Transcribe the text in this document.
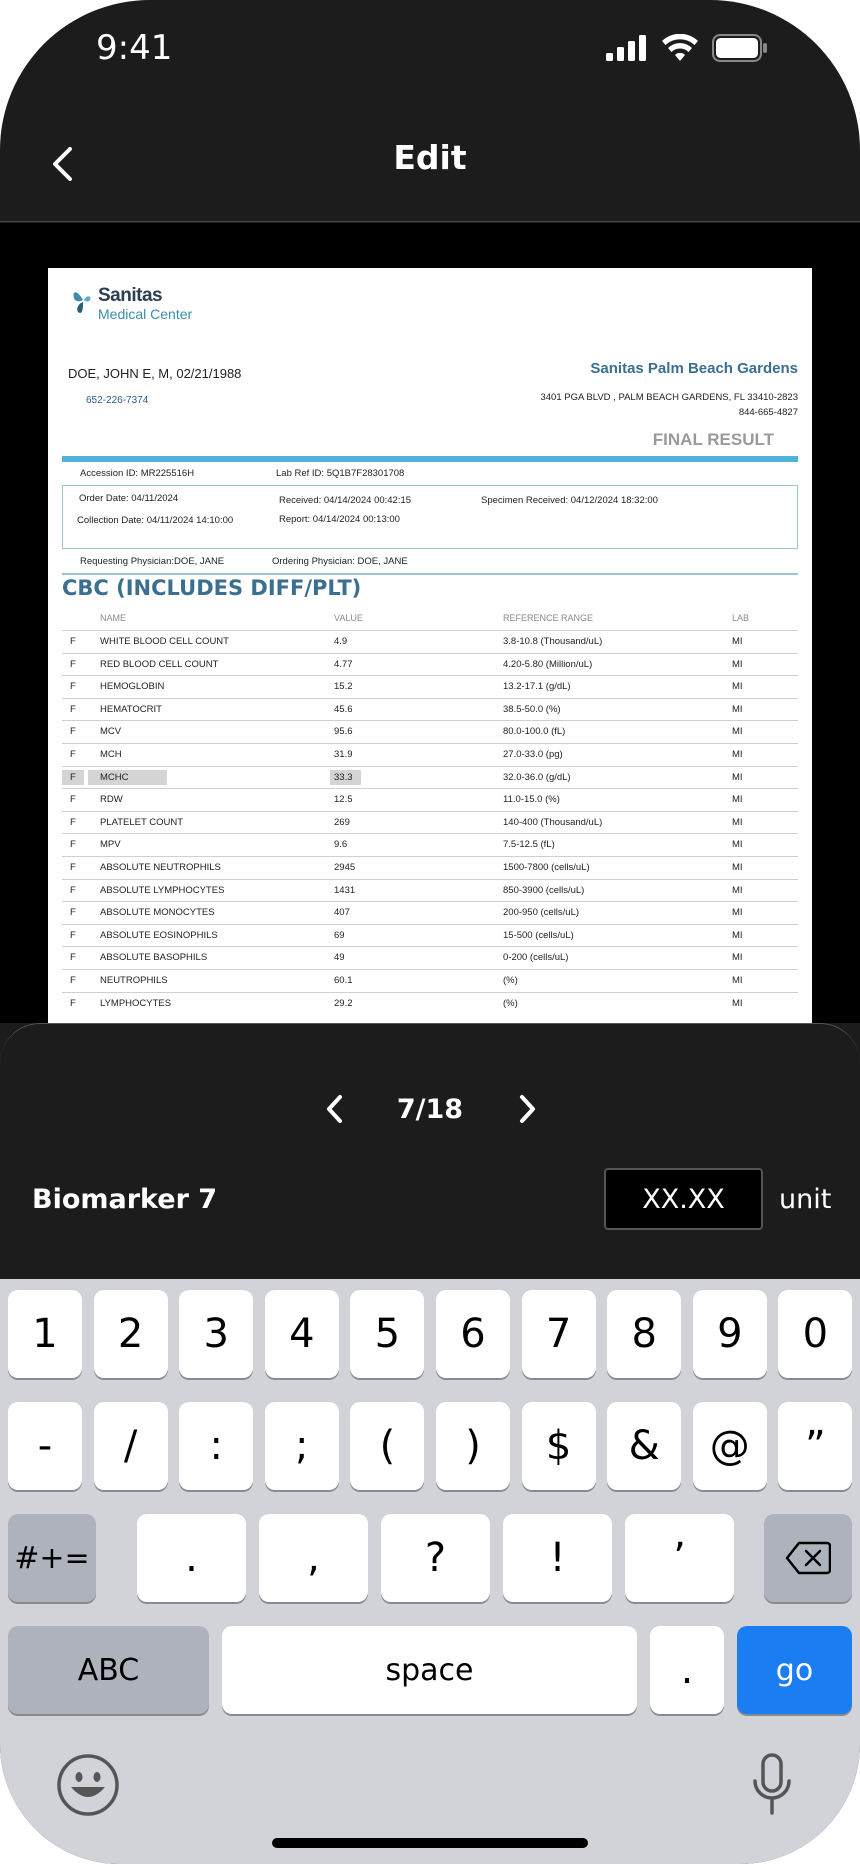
9:41
Edit
Sanitas
Medical Center
DOE, JOHN E, M, 02/21/1988
652-226-7374
Sanitas Palm Beach Gardens
3401 PGA BLVD , PALM BEACH GARDENS, FL 33410-2823
844-665-4827
FINAL RESULT
Accession ID: MR225516H	Lab Ref ID: 5Q1B7F28301708
Order Date: 04/11/2024	Received: 04/14/2024 00:42:15	Specimen Received: 04/12/2024 18:32:00
Collection Date: 04/11/2024 14:10:00	Report: 04/14/2024 00:13:00
Requesting Physician:DOE, JANE	Ordering Physician: DOE, JANE
CBC (INCLUDES DIFF/PLT)
NAME	VALUE	REFERENCE RANGE	LAB
F	WHITE BLOOD CELL COUNT	4.9	3.8-10.8 (Thousand/uL)	MI
F	RED BLOOD CELL COUNT	4.77	4.20-5.80 (Million/uL)	MI
F	HEMOGLOBIN	15.2	13.2-17.1 (g/dL)	MI
F	HEMATOCRIT	45.6	38.5-50.0 (%)	MI
F	MCV	95.6	80.0-100.0 (fL)	MI
F	MCH	31.9	27.0-33.0 (pg)	MI
F	MCHC	33.3	32.0-36.0 (g/dL)	MI
F	RDW	12.5	11.0-15.0 (%)	MI
F	PLATELET COUNT	269	140-400 (Thousand/uL)	MI
F	MPV	9.6	7.5-12.5 (fL)	MI
F	ABSOLUTE NEUTROPHILS	2945	1500-7800 (cells/uL)	MI
F	ABSOLUTE LYMPHOCYTES	1431	850-3900 (cells/uL)	MI
F	ABSOLUTE MONOCYTES	407	200-950 (cells/uL)	MI
F	ABSOLUTE EOSINOPHILS	69	15-500 (cells/uL)	MI
F	ABSOLUTE BASOPHILS	49	0-200 (cells/uL)	MI
F	NEUTROPHILS	60.1	(%)	MI
F	LYMPHOCYTES	29.2	(%)	MI
7/18
Biomarker 7
XX.XX	unit
#+=
ABC	space	.	go
1	2	3	4	5	6	7	8	9	0
-	/	:	;	(	)	$	&	@	”
.	,	?	!	’
